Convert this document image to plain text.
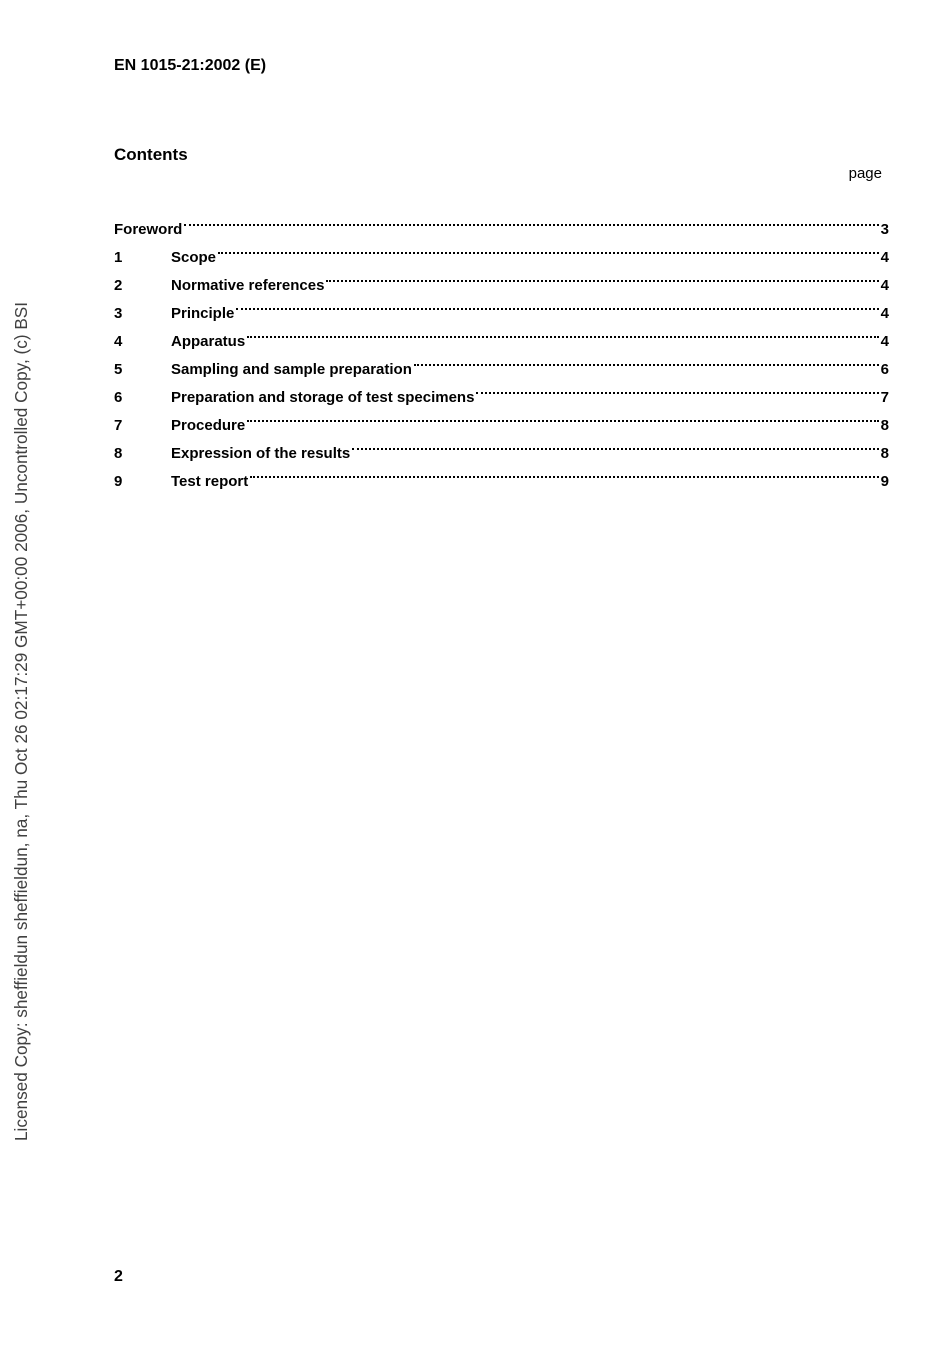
EN 1015-21:2002 (E)
Contents
page
Foreword	3
1	Scope	4
2	Normative references	4
3	Principle	4
4	Apparatus	4
5	Sampling and sample preparation	6
6	Preparation and storage of test specimens	7
7	Procedure	8
8	Expression of the results	8
9	Test report	9
Licensed Copy: sheffieldun sheffieldun, na, Thu Oct 26 02:17:29 GMT+00:00 2006, Uncontrolled Copy, (c) BSI
2
